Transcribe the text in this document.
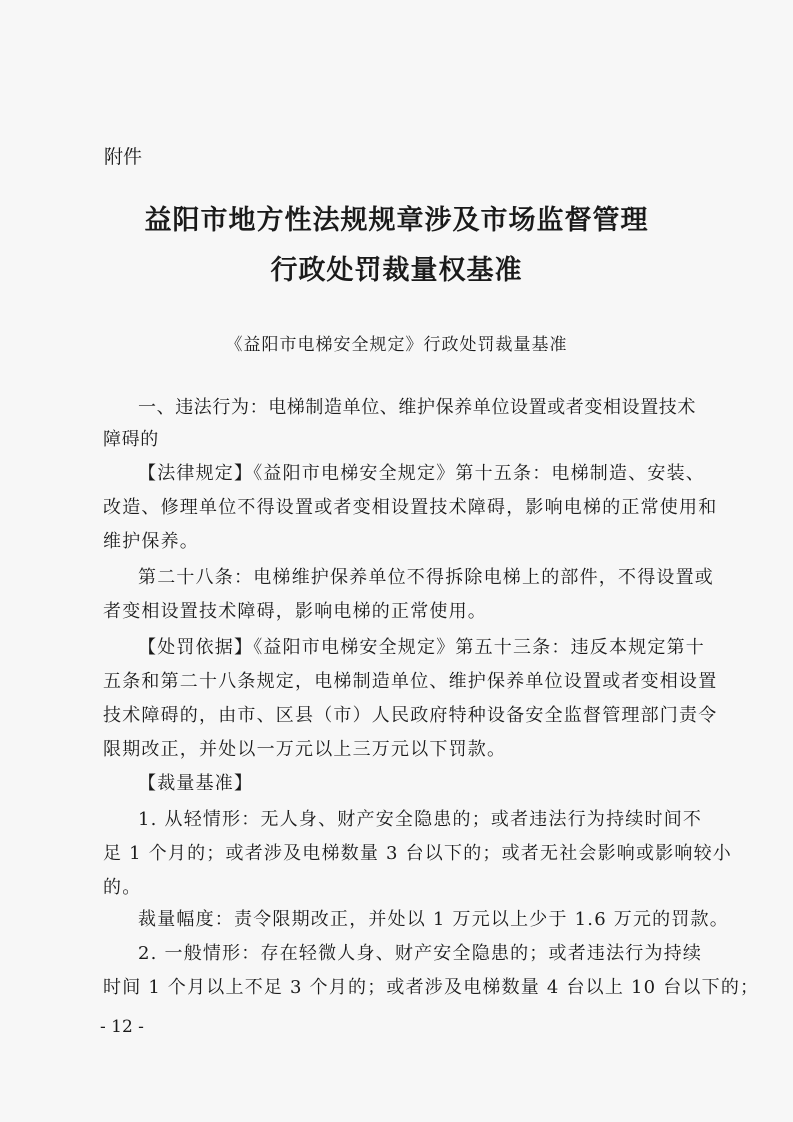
附件
益阳市地方性法规规章涉及市场监督管理
行政处罚裁量权基准
《益阳市电梯安全规定》行政处罚裁量基准
一、违法行为：电梯制造单位、维护保养单位设置或者变相设置技术
障碍的
【法律规定】《益阳市电梯安全规定》第十五条：电梯制造、安装、
改造、修理单位不得设置或者变相设置技术障碍，影响电梯的正常使用和
维护保养。
第二十八条：电梯维护保养单位不得拆除电梯上的部件，不得设置或
者变相设置技术障碍，影响电梯的正常使用。
【处罚依据】《益阳市电梯安全规定》第五十三条：违反本规定第十
五条和第二十八条规定，电梯制造单位、维护保养单位设置或者变相设置
技术障碍的，由市、区县（市）人民政府特种设备安全监督管理部门责令
限期改正，并处以一万元以上三万元以下罚款。
【裁量基准】
1. 从轻情形：无人身、财产安全隐患的；或者违法行为持续时间不
足 1 个月的；或者涉及电梯数量 3 台以下的；或者无社会影响或影响较小
的。
裁量幅度：责令限期改正，并处以 1 万元以上少于 1.6 万元的罚款。
2. 一般情形：存在轻微人身、财产安全隐患的；或者违法行为持续
时间 1 个月以上不足 3 个月的；或者涉及电梯数量 4 台以上 10 台以下的；
- 12 -
